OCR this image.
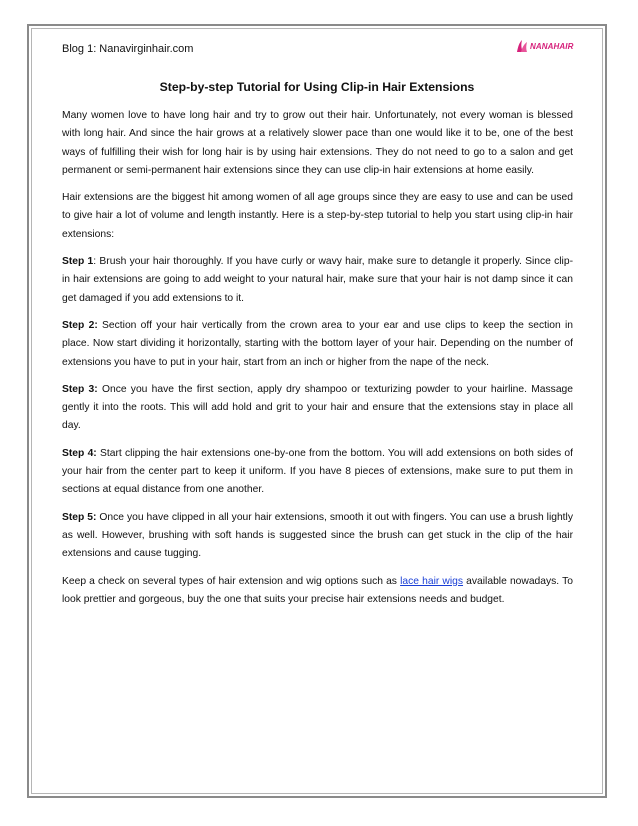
Blog 1: Nanavirginhair.com	NANAHAIR
Step-by-step Tutorial for Using Clip-in Hair Extensions

Many women love to have long hair and try to grow out their hair. Unfortunately, not every woman is blessed with long hair. And since the hair grows at a relatively slower pace than one would like it to be, one of the best ways of fulfilling their wish for long hair is by using hair extensions. They do not need to go to a salon and get permanent or semi-permanent hair extensions since they can use clip-in hair extensions at home easily.

Hair extensions are the biggest hit among women of all age groups since they are easy to use and can be used to give hair a lot of volume and length instantly. Here is a step-by-step tutorial to help you start using clip-in hair extensions:

Step 1: Brush your hair thoroughly. If you have curly or wavy hair, make sure to detangle it properly. Since clip-in hair extensions are going to add weight to your natural hair, make sure that your hair is not damp since it can get damaged if you add extensions to it.

Step 2: Section off your hair vertically from the crown area to your ear and use clips to keep the section in place. Now start dividing it horizontally, starting with the bottom layer of your hair. Depending on the number of extensions you have to put in your hair, start from an inch or higher from the nape of the neck.

Step 3: Once you have the first section, apply dry shampoo or texturizing powder to your hairline. Massage gently it into the roots. This will add hold and grit to your hair and ensure that the extensions stay in place all day.

Step 4: Start clipping the hair extensions one-by-one from the bottom. You will add extensions on both sides of your hair from the center part to keep it uniform. If you have 8 pieces of extensions, make sure to put them in sections at equal distance from one another.

Step 5: Once you have clipped in all your hair extensions, smooth it out with fingers. You can use a brush lightly as well. However, brushing with soft hands is suggested since the brush can get stuck in the clip of the hair extensions and cause tugging.

Keep a check on several types of hair extension and wig options such as lace hair wigs available nowadays. To look prettier and gorgeous, buy the one that suits your precise hair extensions needs and budget.
